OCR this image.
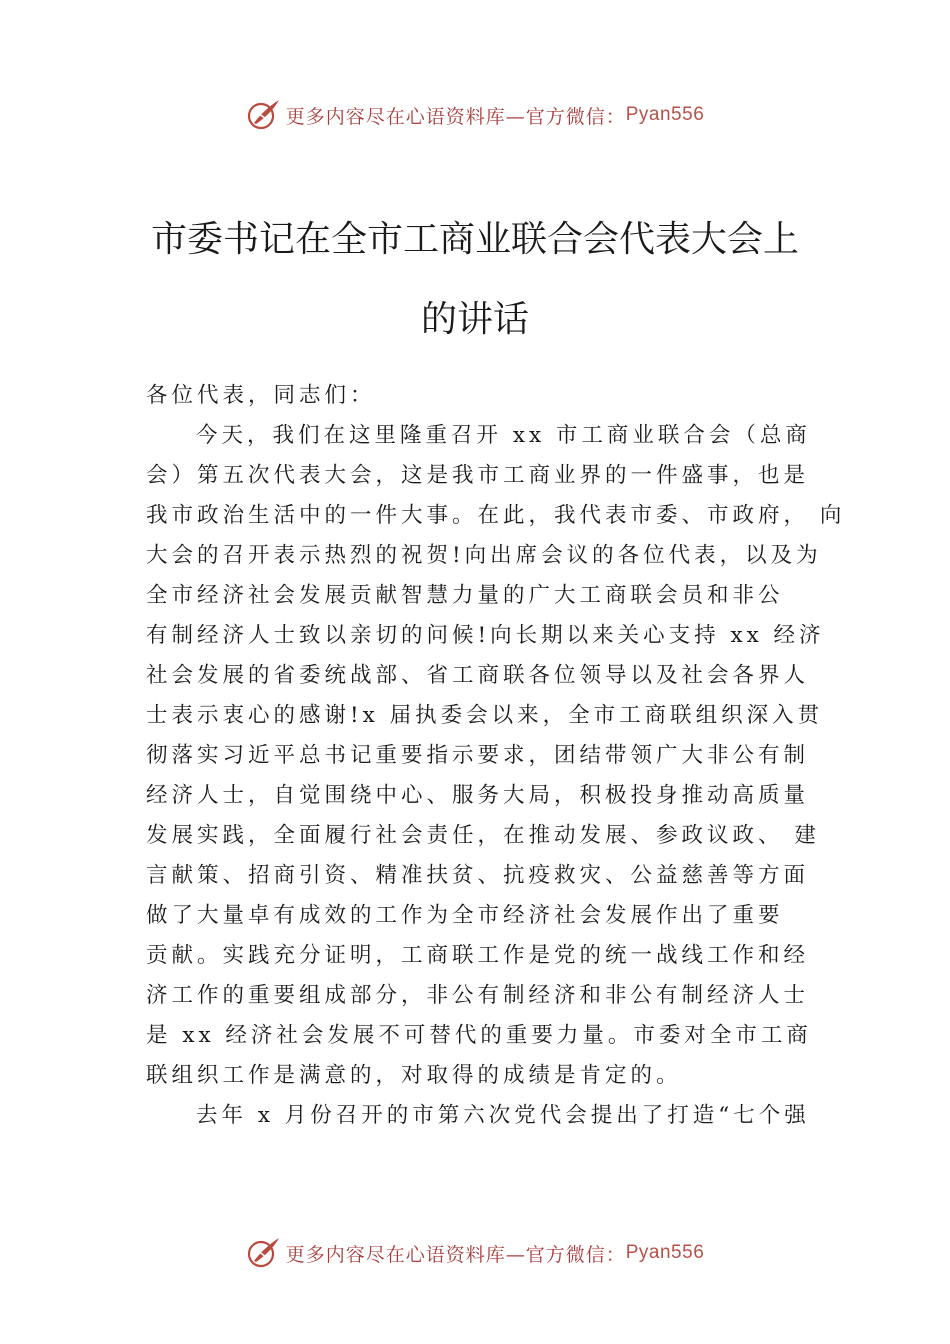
更多内容尽在心语资料库—官方微信： Pyan556
市委书记在全市工商业联合会代表大会上
的讲话
各位代表，同志们：
今天，我们在这里隆重召开 xx 市工商业联合会（总商
会）第五次代表大会，这是我市工商业界的一件盛事，也是
我市政治生活中的一件大事。在此，我代表市委、市政府， 向
大会的召开表示热烈的祝贺!向出席会议的各位代表，以及为
全市经济社会发展贡献智慧力量的广大工商联会员和非公
有制经济人士致以亲切的问候!向长期以来关心支持 xx 经济
社会发展的省委统战部、省工商联各位领导以及社会各界人
士表示衷心的感谢!x 届执委会以来，全市工商联组织深入贯
彻落实习近平总书记重要指示要求，团结带领广大非公有制
经济人士，自觉围绕中心、服务大局，积极投身推动高质量
发展实践，全面履行社会责任，在推动发展、参政议政、 建
言献策、招商引资、精准扶贫、抗疫救灾、公益慈善等方面
做了大量卓有成效的工作为全市经济社会发展作出了重要
贡献。实践充分证明，工商联工作是党的统一战线工作和经
济工作的重要组成部分，非公有制经济和非公有制经济人士
是 xx 经济社会发展不可替代的重要力量。市委对全市工商
联组织工作是满意的，对取得的成绩是肯定的。
去年 x 月份召开的市第六次党代会提出了打造“七个强
更多内容尽在心语资料库—官方微信： Pyan556
